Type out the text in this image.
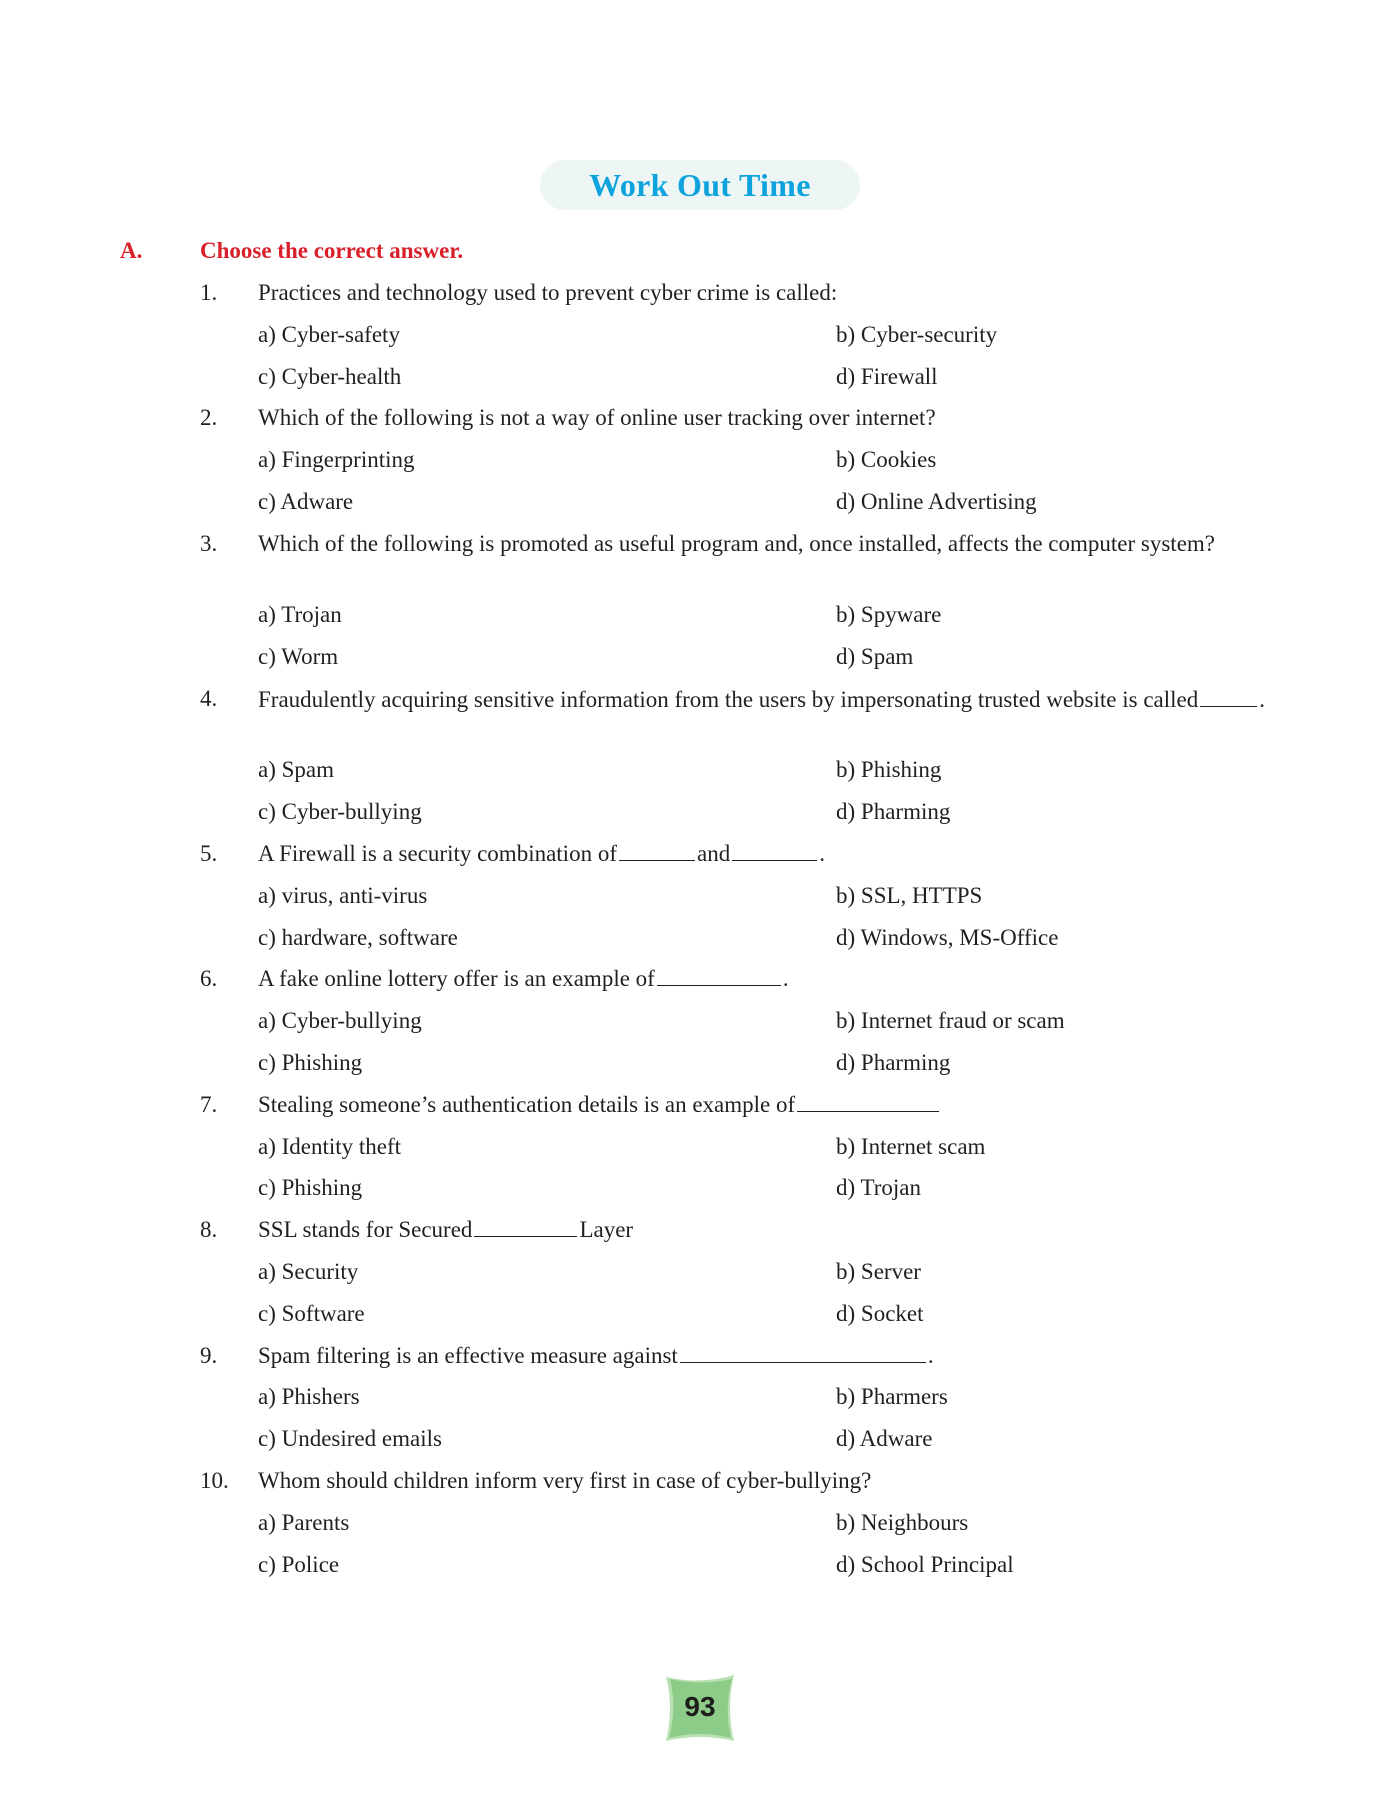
Work Out Time
A.	Choose the correct answer.
1. Practices and technology used to prevent cyber crime is called:
a) Cyber-safety	b) Cyber-security
c) Cyber-health	d) Firewall
2. Which of the following is not a way of online user tracking over internet?
a) Fingerprinting	b) Cookies
c) Adware	d) Online Advertising
3. Which of the following is promoted as useful program and, once installed, affects the computer system?
a) Trojan	b) Spyware
c) Worm	d) Spam
4. Fraudulently acquiring sensitive information from the users by impersonating trusted website is called	.
a) Spam	b) Phishing
c) Cyber-bullying	d) Pharming
5. A Firewall is a security combination of	and	.
a) virus, anti-virus	b) SSL, HTTPS
c) hardware, software	d) Windows, MS-Office
6. A fake online lottery offer is an example of	.
a) Cyber-bullying	b) Internet fraud or scam
c) Phishing	d) Pharming
7. Stealing someone’s authentication details is an example of
a) Identity theft	b) Internet scam
c) Phishing	d) Trojan
8. SSL stands for Secured	Layer
a) Security	b) Server
c) Software	d) Socket
9. Spam filtering is an effective measure against	.
a) Phishers	b) Pharmers
c) Undesired emails	d) Adware
10. Whom should children inform very first in case of cyber-bullying?
a) Parents	b) Neighbours
c) Police	d) School Principal
93
